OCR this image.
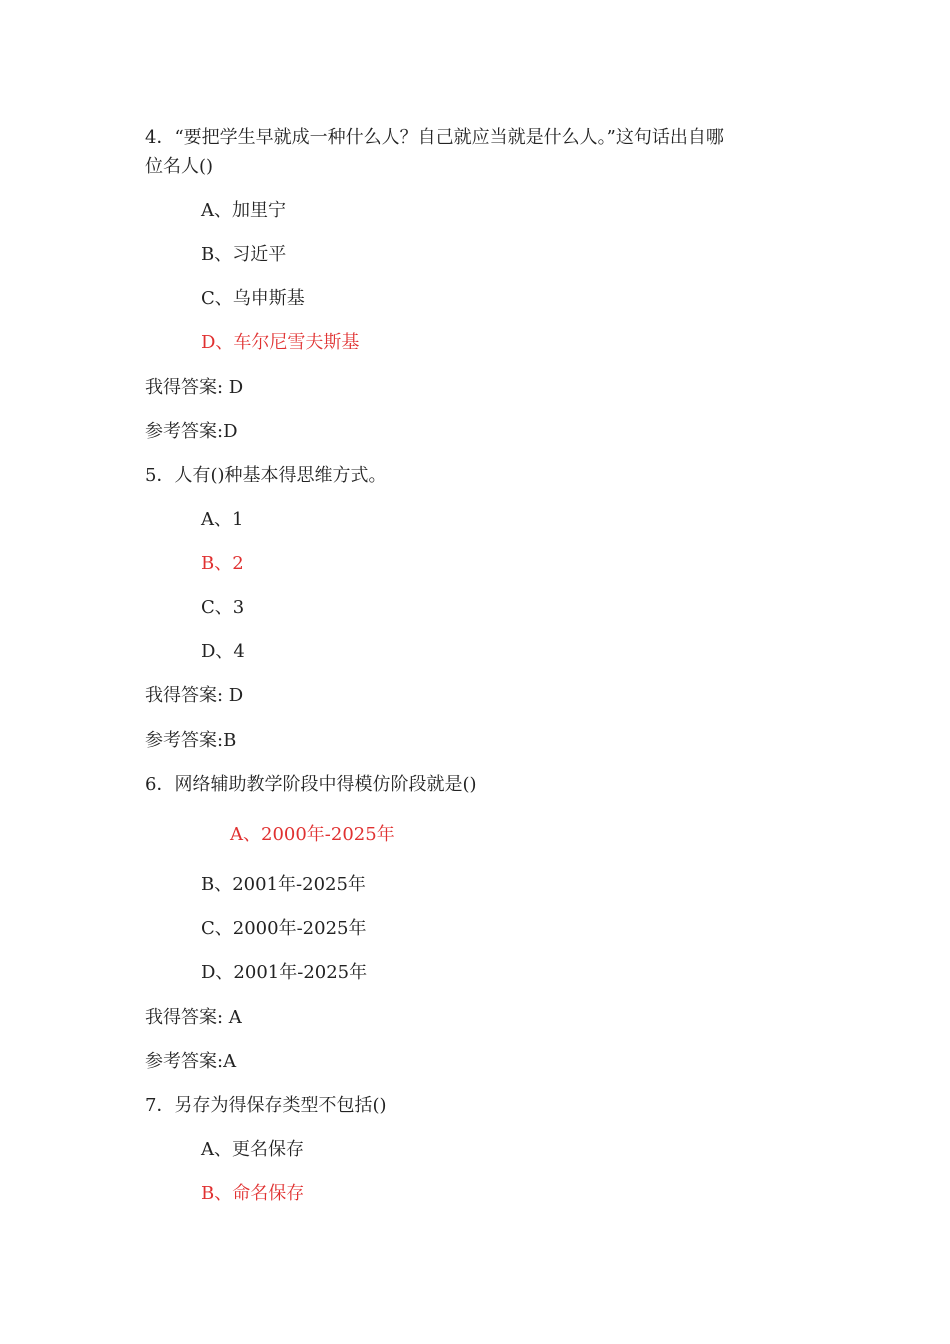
4．“要把学生早就成一种什么人？自己就应当就是什么人。”这句话出自哪
位名人()
A、加里宁
B、习近平
C、乌申斯基
D、车尔尼雪夫斯基
我得答案: D
参考答案:D
5．人有()种基本得思维方式。
A、1
B、2
C、3
D、4
我得答案: D
参考答案:B
6．网络辅助教学阶段中得模仿阶段就是()
A、2000年-2025年
B、2001年-2025年
C、2000年-2025年
D、2001年-2025年
我得答案: A
参考答案:A
7．另存为得保存类型不包括()
A、更名保存
B、命名保存
